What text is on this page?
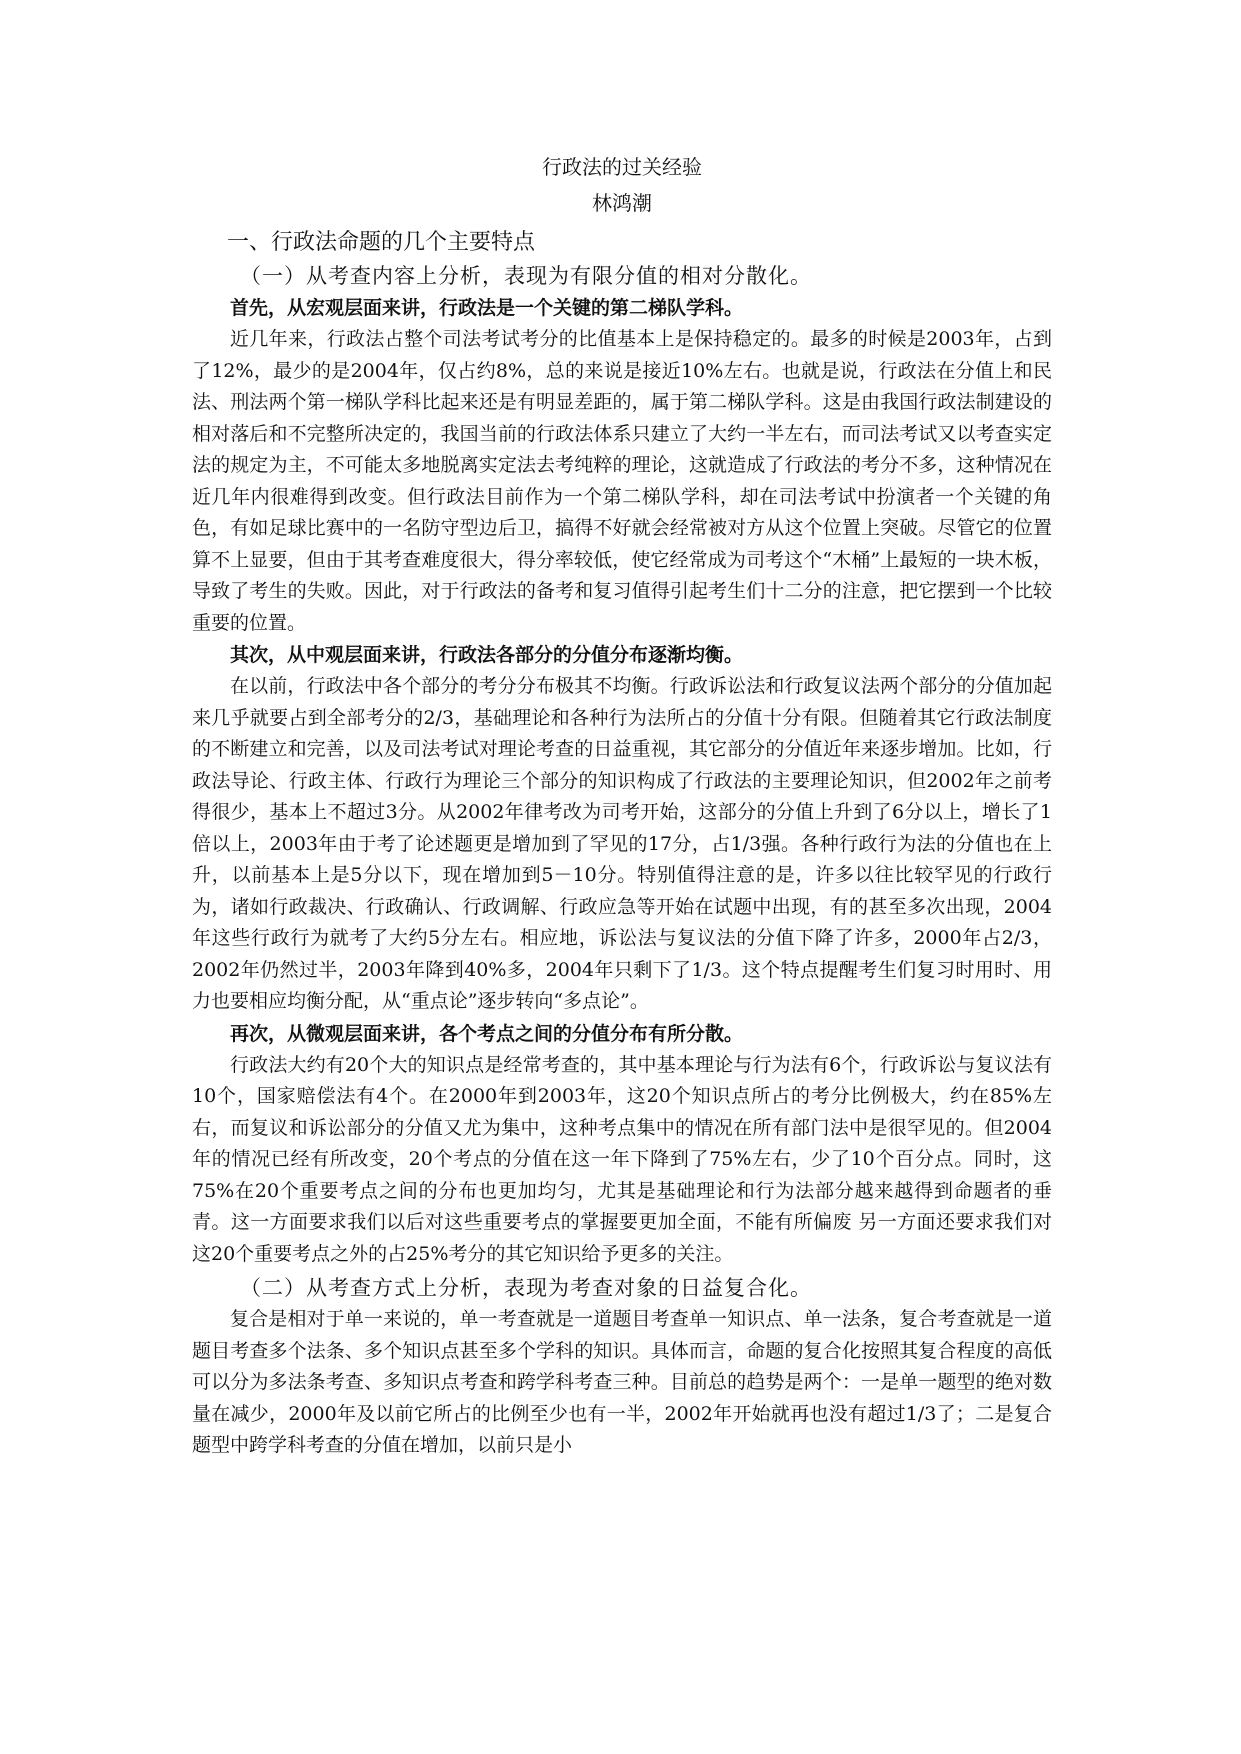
行政法的过关经验

林鸿潮

一、行政法命题的几个主要特点

（一）从考查内容上分析，表现为有限分值的相对分散化。

首先，从宏观层面来讲，行政法是一个关键的第二梯队学科。

近几年来，行政法占整个司法考试考分的比值基本上是保持稳定的。最多的时候是2003年，占到了12%，最少的是2004年，仅占约8%，总的来说是接近10%左右。也就是说，行政法在分值上和民法、刑法两个第一梯队学科比起来还是有明显差距的，属于第二梯队学科。这是由我国行政法制建设的相对落后和不完整所决定的，我国当前的行政法体系只建立了大约一半左右，而司法考试又以考查实定法的规定为主，不可能太多地脱离实定法去考纯粹的理论，这就造成了行政法的考分不多，这种情况在近几年内很难得到改变。但行政法目前作为一个第二梯队学科，却在司法考试中扮演者一个关键的角色，有如足球比赛中的一名防守型边后卫，搞得不好就会经常被对方从这个位置上突破。尽管它的位置算不上显要，但由于其考查难度很大，得分率较低，使它经常成为司考这个“木桶”上最短的一块木板，导致了考生的失败。因此，对于行政法的备考和复习值得引起考生们十二分的注意，把它摆到一个比较重要的位置。

其次，从中观层面来讲，行政法各部分的分值分布逐渐均衡。

在以前，行政法中各个部分的考分分布极其不均衡。行政诉讼法和行政复议法两个部分的分值加起来几乎就要占到全部考分的2/3，基础理论和各种行为法所占的分值十分有限。但随着其它行政法制度的不断建立和完善，以及司法考试对理论考查的日益重视，其它部分的分值近年来逐步增加。比如，行政法导论、行政主体、行政行为理论三个部分的知识构成了行政法的主要理论知识，但2002年之前考得很少，基本上不超过3分。从2002年律考改为司考开始，这部分的分值上升到了6分以上，增长了1倍以上，2003年由于考了论述题更是增加到了罕见的17分，占1/3强。各种行政行为法的分值也在上升，以前基本上是5分以下，现在增加到5－10分。特别值得注意的是，许多以往比较罕见的行政行为，诸如行政裁决、行政确认、行政调解、行政应急等开始在试题中出现，有的甚至多次出现，2004年这些行政行为就考了大约5分左右。相应地，诉讼法与复议法的分值下降了许多，2000年占2/3，2002年仍然过半，2003年降到40%多，2004年只剩下了1/3。这个特点提醒考生们复习时用时、用力也要相应均衡分配，从“重点论”逐步转向“多点论”。

再次，从微观层面来讲，各个考点之间的分值分布有所分散。

行政法大约有20个大的知识点是经常考查的，其中基本理论与行为法有6个，行政诉讼与复议法有10个，国家赔偿法有4个。在2000年到2003年，这20个知识点所占的考分比例极大，约在85%左右，而复议和诉讼部分的分值又尤为集中，这种考点集中的情况在所有部门法中是很罕见的。但2004年的情况已经有所改变，20个考点的分值在这一年下降到了75%左右，少了10个百分点。同时，这75%在20个重要考点之间的分布也更加均匀，尤其是基础理论和行为法部分越来越得到命题者的垂青。这一方面要求我们以后对这些重要考点的掌握要更加全面，不能有所偏废 另一方面还要求我们对这20个重要考点之外的占25%考分的其它知识给予更多的关注。

（二）从考查方式上分析，表现为考查对象的日益复合化。

复合是相对于单一来说的，单一考查就是一道题目考查单一知识点、单一法条，复合考查就是一道题目考查多个法条、多个知识点甚至多个学科的知识。具体而言，命题的复合化按照其复合程度的高低可以分为多法条考查、多知识点考查和跨学科考查三种。目前总的趋势是两个：一是单一题型的绝对数量在减少，2000年及以前它所占的比例至少也有一半，2002年开始就再也没有超过1/3了；二是复合题型中跨学科考查的分值在增加，以前只是小
